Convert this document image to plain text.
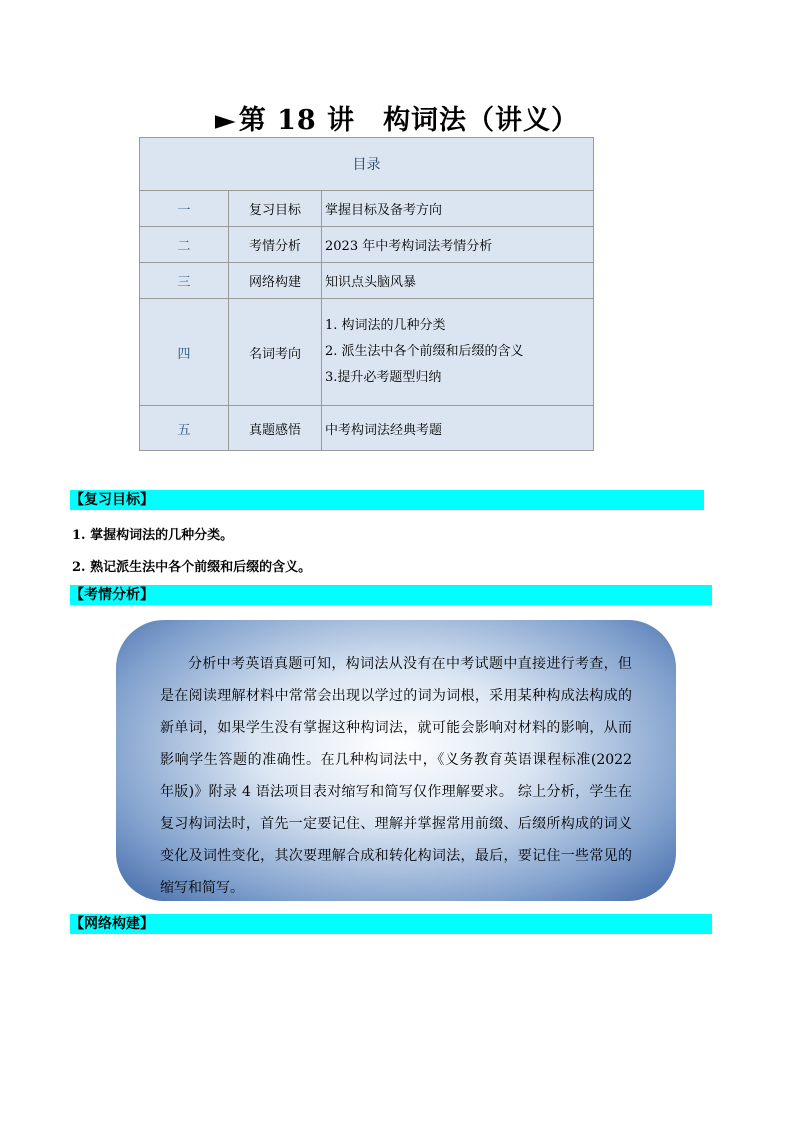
►第 18 讲 构词法（讲义）
目录		
一	复习目标	掌握目标及备考方向
二	考情分析	2023 年中考构词法考情分析
三	网络构建	知识点头脑风暴
四	名词考向	1. 构词法的几种分类
2. 派生法中各个前缀和后缀的含义
3.提升必考题型归纳

五	真题感悟	中考构词法经典考题
【复习目标】
1. 掌握构词法的几种分类。
2. 熟记派生法中各个前缀和后缀的含义。
【考情分析】
分析中考英语真题可知，构词法从没有在中考试题中直接进行考查，但是在阅读理解材料中常常会出现以学过的词为词根，采用某种构成法构成的新单词，如果学生没有掌握这种构词法，就可能会影响对材料的影响，从而影响学生答题的准确性。在几种构词法中，《义务教育英语课程标准(2022 年版)》附录 4 语法项目表对缩写和简写仅作理解要求。 综上分析，学生在复习构词法时，首先一定要记住、理解并掌握常用前缀、后缀所构成的词义变化及词性变化，其次要理解合成和转化构词法，最后，要记住一些常见的缩写和简写。
【网络构建】
